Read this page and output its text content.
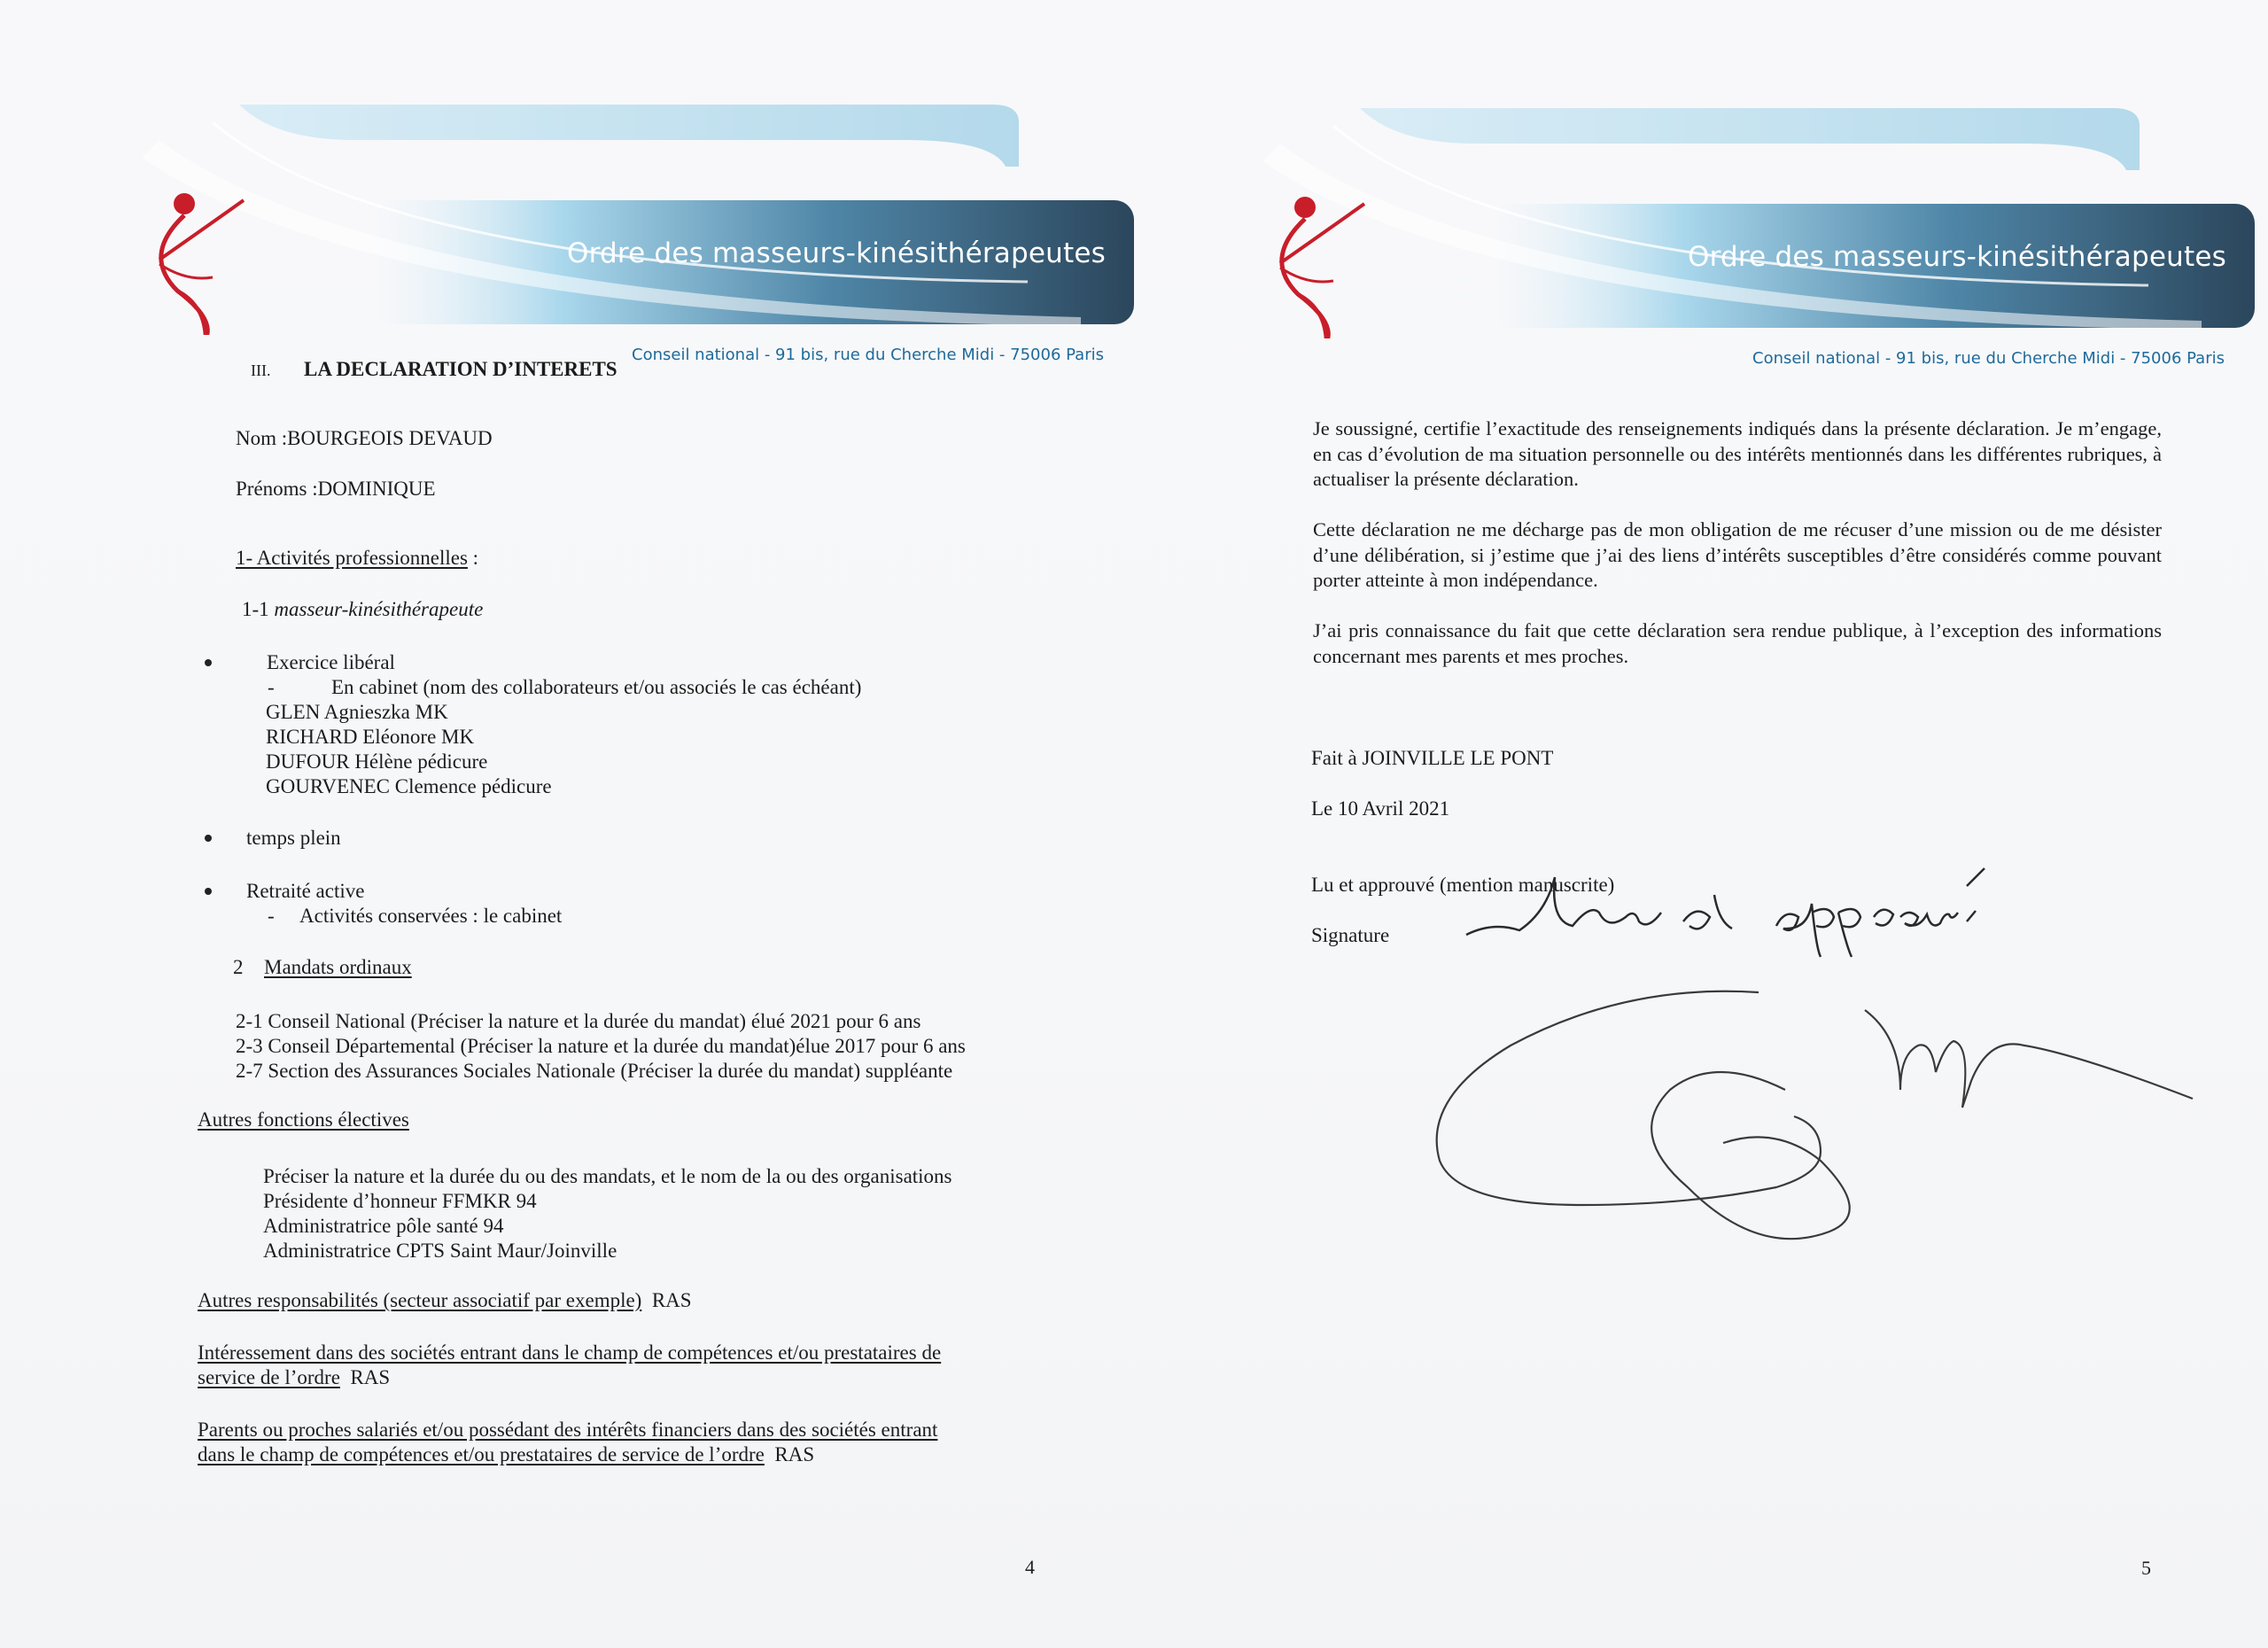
Ordre des masseurs-kinésithérapeutes
Conseil national - 91 bis, rue du Cherche Midi - 75006 Paris
III. LA DECLARATION D’INTERETS
Nom :BOURGEOIS DEVAUD
Prénoms :DOMINIQUE
1- Activités professionnelles :
1-1 masseur-kinésithérapeute
Exercice libéral
-	En cabinet (nom des collaborateurs et/ou associés le cas échéant)
GLEN Agnieszka MK
RICHARD Eléonore MK
DUFOUR Hélène pédicure
GOURVENEC Clemence pédicure
temps plein
Retraité active
- Activités conservées : le cabinet
2 Mandats ordinaux
2-1 Conseil National (Préciser la nature et la durée du mandat) élué 2021 pour 6 ans
2-3 Conseil Départemental (Préciser la nature et la durée du mandat)élue 2017 pour 6 ans
2-7 Section des Assurances Sociales Nationale (Préciser la durée du mandat) suppléante
Autres fonctions électives
Préciser la nature et la durée du ou des mandats, et le nom de la ou des organisations
Présidente d’honneur FFMKR 94
Administratrice pôle santé 94
Administratrice CPTS Saint Maur/Joinville
Autres responsabilités (secteur associatif par exemple) RAS
Intéressement dans des sociétés entrant dans le champ de compétences et/ou prestataires de
service de l’ordre RAS
Parents ou proches salariés et/ou possédant des intérêts financiers dans des sociétés entrant
dans le champ de compétences et/ou prestataires de service de l’ordre RAS
4
Ordre des masseurs-kinésithérapeutes
Conseil national - 91 bis, rue du Cherche Midi - 75006 Paris
Je soussigné, certifie l’exactitude des renseignements indiqués dans la présente déclaration. Je m’engage, en cas d’évolution de ma situation personnelle ou des intérêts mentionnés dans les différentes rubriques, à actualiser la présente déclaration.
Cette déclaration ne me décharge pas de mon obligation de me récuser d’une mission ou de me désister d’une délibération, si j’estime que j’ai des liens d’intérêts susceptibles d’être considérés comme pouvant porter atteinte à mon indépendance.
J’ai pris connaissance du fait que cette déclaration sera rendue publique, à l’exception des informations concernant mes parents et mes proches.
Fait à JOINVILLE LE PONT
Le 10 Avril 2021
Lu et approuvé (mention manuscrite)
Signature
5
